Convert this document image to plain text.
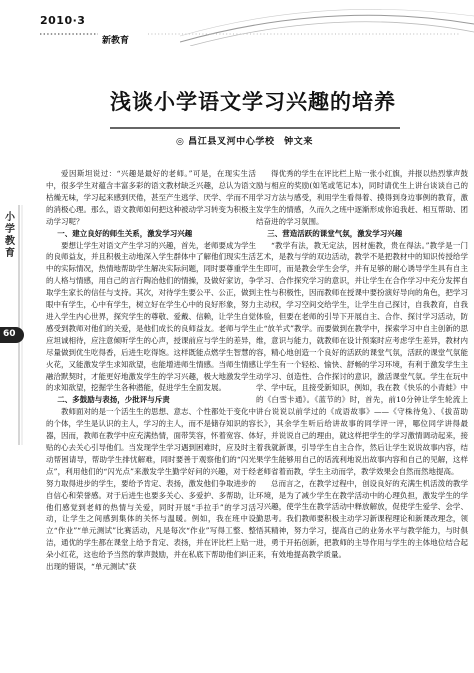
2010·3
新教育
小学教育
60
浅谈小学语文学习兴趣的培养
◎ 昌江县叉河中心学校　钟文来

爱因斯坦说过：“兴趣是最好的老师。”可是，在现实生活中，很多学生对蕴含丰富多彩的语文教材缺乏兴趣，总认为语文枯燥无味，学习起来感到厌倦，甚至产生逃学、厌学、学而不用的消极心理。那么，语文教师如何把这种被动学习转变为积极主动学习呢？

一、建立良好的师生关系，激发学习兴趣

要想让学生对语文产生学习的兴趣，首先，老师要成为学生的良师益友，并且积极主动地深入学生群体中了解他们现实生活中的实际情况，热情地帮助学生解决实际问题，同时要尊重学生的人格与情感，用自己的言行陶冶他们的情操，及做好家访，争取学生家长的信任与支持。其次，对待学生要公平、公正，做到眼中有学生，心中有学生，树立好在学生心中的良好形象，努力进入学生内心世界，探究学生的尊敬、爱戴、信赖，让学生自觉感受到教师对他们的关爱，是他们成长的良师益友。老师与学生应坦诚相待，应注意倾听学生的心声，授课前应与学生的差异，尽量做到优生吃得香，后进生吃得饱。这样既能点燃学生智慧的火花，又能激发学生求知欲望，也能增进师生情感。当师生情感融洽默契时，才能更好地激发学生的学习兴趣，极大地激发学生的求知欲望，挖掘学生各种潜能，促进学生全面发展。

二、多鼓励与表扬，少批评与斥责

教师面对的是一个活生生的思想、意志、个性都处于变化中的个体，学生是认识的主人，学习的主人，而不是储存知识的容器，因而，教师在教学中应充满热情，面带笑容，怀着宽容、体贴的心去关心引导他们。当发现学生学习遇到困难时，应及时主动帮困请导，帮助学生排忧解难，同时要善于观察他们的“闪光点”，利用他们的“闪光点”来激发学生勤学好问的兴趣，对于经努力取得进步的学生，要给予肯定、表扬，激发他们争取进步的自信心和荣誉感。对于后进生也要多关心、多爱护、多帮助，让他们感觉到老师的热情与关爱，同时开展“手拉手”的学习活动，让学生之间感到集体的关怀与温暖。例如，我在班中设立“作业”“单元测试”比赛活动，凡是每次“作业”写得工整、整洁，通优的学生都在课堂上给予肯定、表扬，并在评比栏上贴一朵小红花，这也给予当然的掌声鼓励，并在私底下帮助他们纠正出现的错误，“单元测试”获

得优秀的学生在评比栏上贴一张小红旗，并报以热烈掌声鼓励与相应的奖励(如笔或笔记本)，同时请优生上讲台谈谈自己的学习方法与感受，利用学生看得着、摸得到身边事例的教育，激发学生的情感，久而久之班中逐渐形成你追我赶、相互帮助、团结奋进的学习氛围。

三、营造活跃的课堂气氛，激发学习兴趣

“教学有法，教无定法，因材施教，贵在得法。”教学是一门艺术，是教与学的双边活动，教学不是把教材中的知识传授给学生即可，而是教会学生会学，并有足够的耐心诱导学生具有自主学习、合作探究学习的意识，并让学生在合作学习中充分发挥自主性与积极性，因而教师在授课中要扮演好导向的角色，把学习主动权，学习空间交给学生，让学生自己探讨，自我教育，自我体验，但要在老师的引导下开展自主、合作、探讨学习活动，防止“放羊式”教学。而要做到在教学中，探索学习中自主创新的思维，意识与能力，就教师在设计预案时应考虑学生差异，教材内容，精心地创造一个良好的活跃的课堂气氛，活跃的课堂气氛能让学生有一个轻松、愉快、舒畅的学习环境，有利于激发学生主动学习、创造性、合作探讨的意识，激活课堂气氛。学生在玩中学、学中玩，且接受新知识，例如，我在教《快乐的小青蛙》中的《白雪卡通》。《蓝节的》时，首先，前10分钟让学生轮流上讲台说说以前学过的《成语故事》——《守株待兔》、《拔苗助长》，其余学生听后给讲故事的同学评一评，哪位同学讲得最好，并说说自己的理由，就这样把学生的学习激情调动起来，接着我就新课，引导学生自主合作，然后让学生说说故事内容，结果学生能够用自己的话流利地说出故事内容和自己的见解，这样老师省着而教，学生主动而学，教学效果会自然而然地提高。

总而言之，在教学过程中，创设良好的充满生机活泼的教学环境，是为了减少学生在教学活动中的心理负担，激发学生的学习兴趣，使学生在教学活动中释放解放，促使学生爱学、会学、勤思考。我们教师要积极主动学习新课程理论和新课改理念，领悟其精神，努力学习，提高自己的业务水平与教学能力，与时俱进，勇于开拓创新，把教师的主导作用与学生的主体地位结合起来，有效地提高教学质量。
